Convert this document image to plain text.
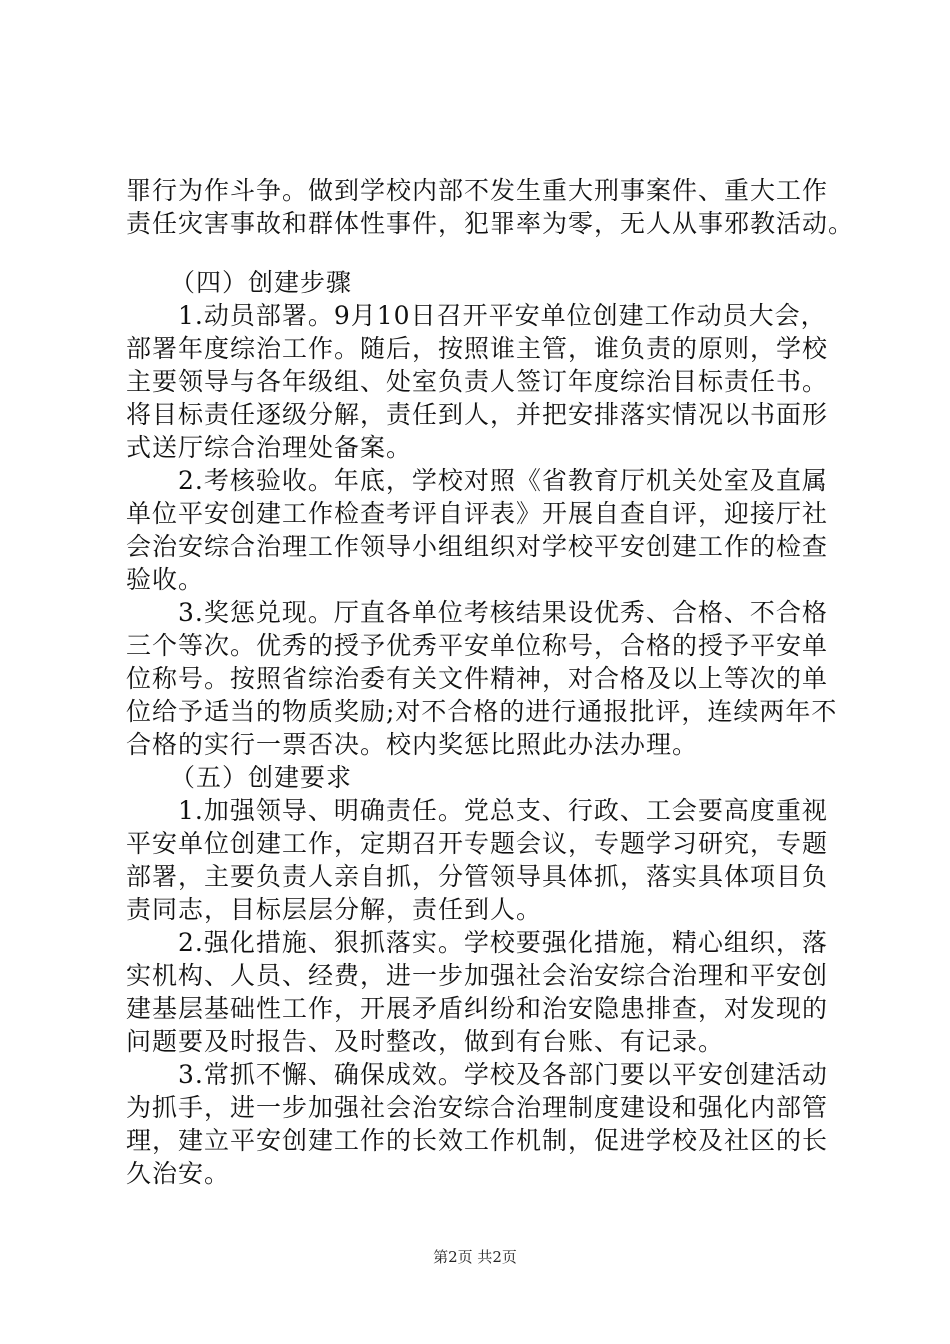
罪行为作斗争。做到学校内部不发生重大刑事案件、重大工作
责任灾害事故和群体性事件，犯罪率为零，无人从事邪教活动。
（四）创建步骤
1.动员部署。9月10日召开平安单位创建工作动员大会，
部署年度综治工作。随后，按照谁主管，谁负责的原则，学校
主要领导与各年级组、处室负责人签订年度综治目标责任书。
将目标责任逐级分解，责任到人，并把安排落实情况以书面形
式送厅综合治理处备案。
2.考核验收。年底，学校对照《省教育厅机关处室及直属
单位平安创建工作检查考评自评表》开展自查自评，迎接厅社
会治安综合治理工作领导小组组织对学校平安创建工作的检查
验收。
3.奖惩兑现。厅直各单位考核结果设优秀、合格、不合格
三个等次。优秀的授予优秀平安单位称号，合格的授予平安单
位称号。按照省综治委有关文件精神，对合格及以上等次的单
位给予适当的物质奖励;对不合格的进行通报批评，连续两年不
合格的实行一票否决。校内奖惩比照此办法办理。
（五）创建要求
1.加强领导、明确责任。党总支、行政、工会要高度重视
平安单位创建工作，定期召开专题会议，专题学习研究，专题
部署，主要负责人亲自抓，分管领导具体抓，落实具体项目负
责同志，目标层层分解，责任到人。
2.强化措施、狠抓落实。学校要强化措施，精心组织，落
实机构、人员、经费，进一步加强社会治安综合治理和平安创
建基层基础性工作，开展矛盾纠纷和治安隐患排查，对发现的
问题要及时报告、及时整改，做到有台账、有记录。
3.常抓不懈、确保成效。学校及各部门要以平安创建活动
为抓手，进一步加强社会治安综合治理制度建设和强化内部管
理，建立平安创建工作的长效工作机制，促进学校及社区的长
久治安。
第2页 共2页
